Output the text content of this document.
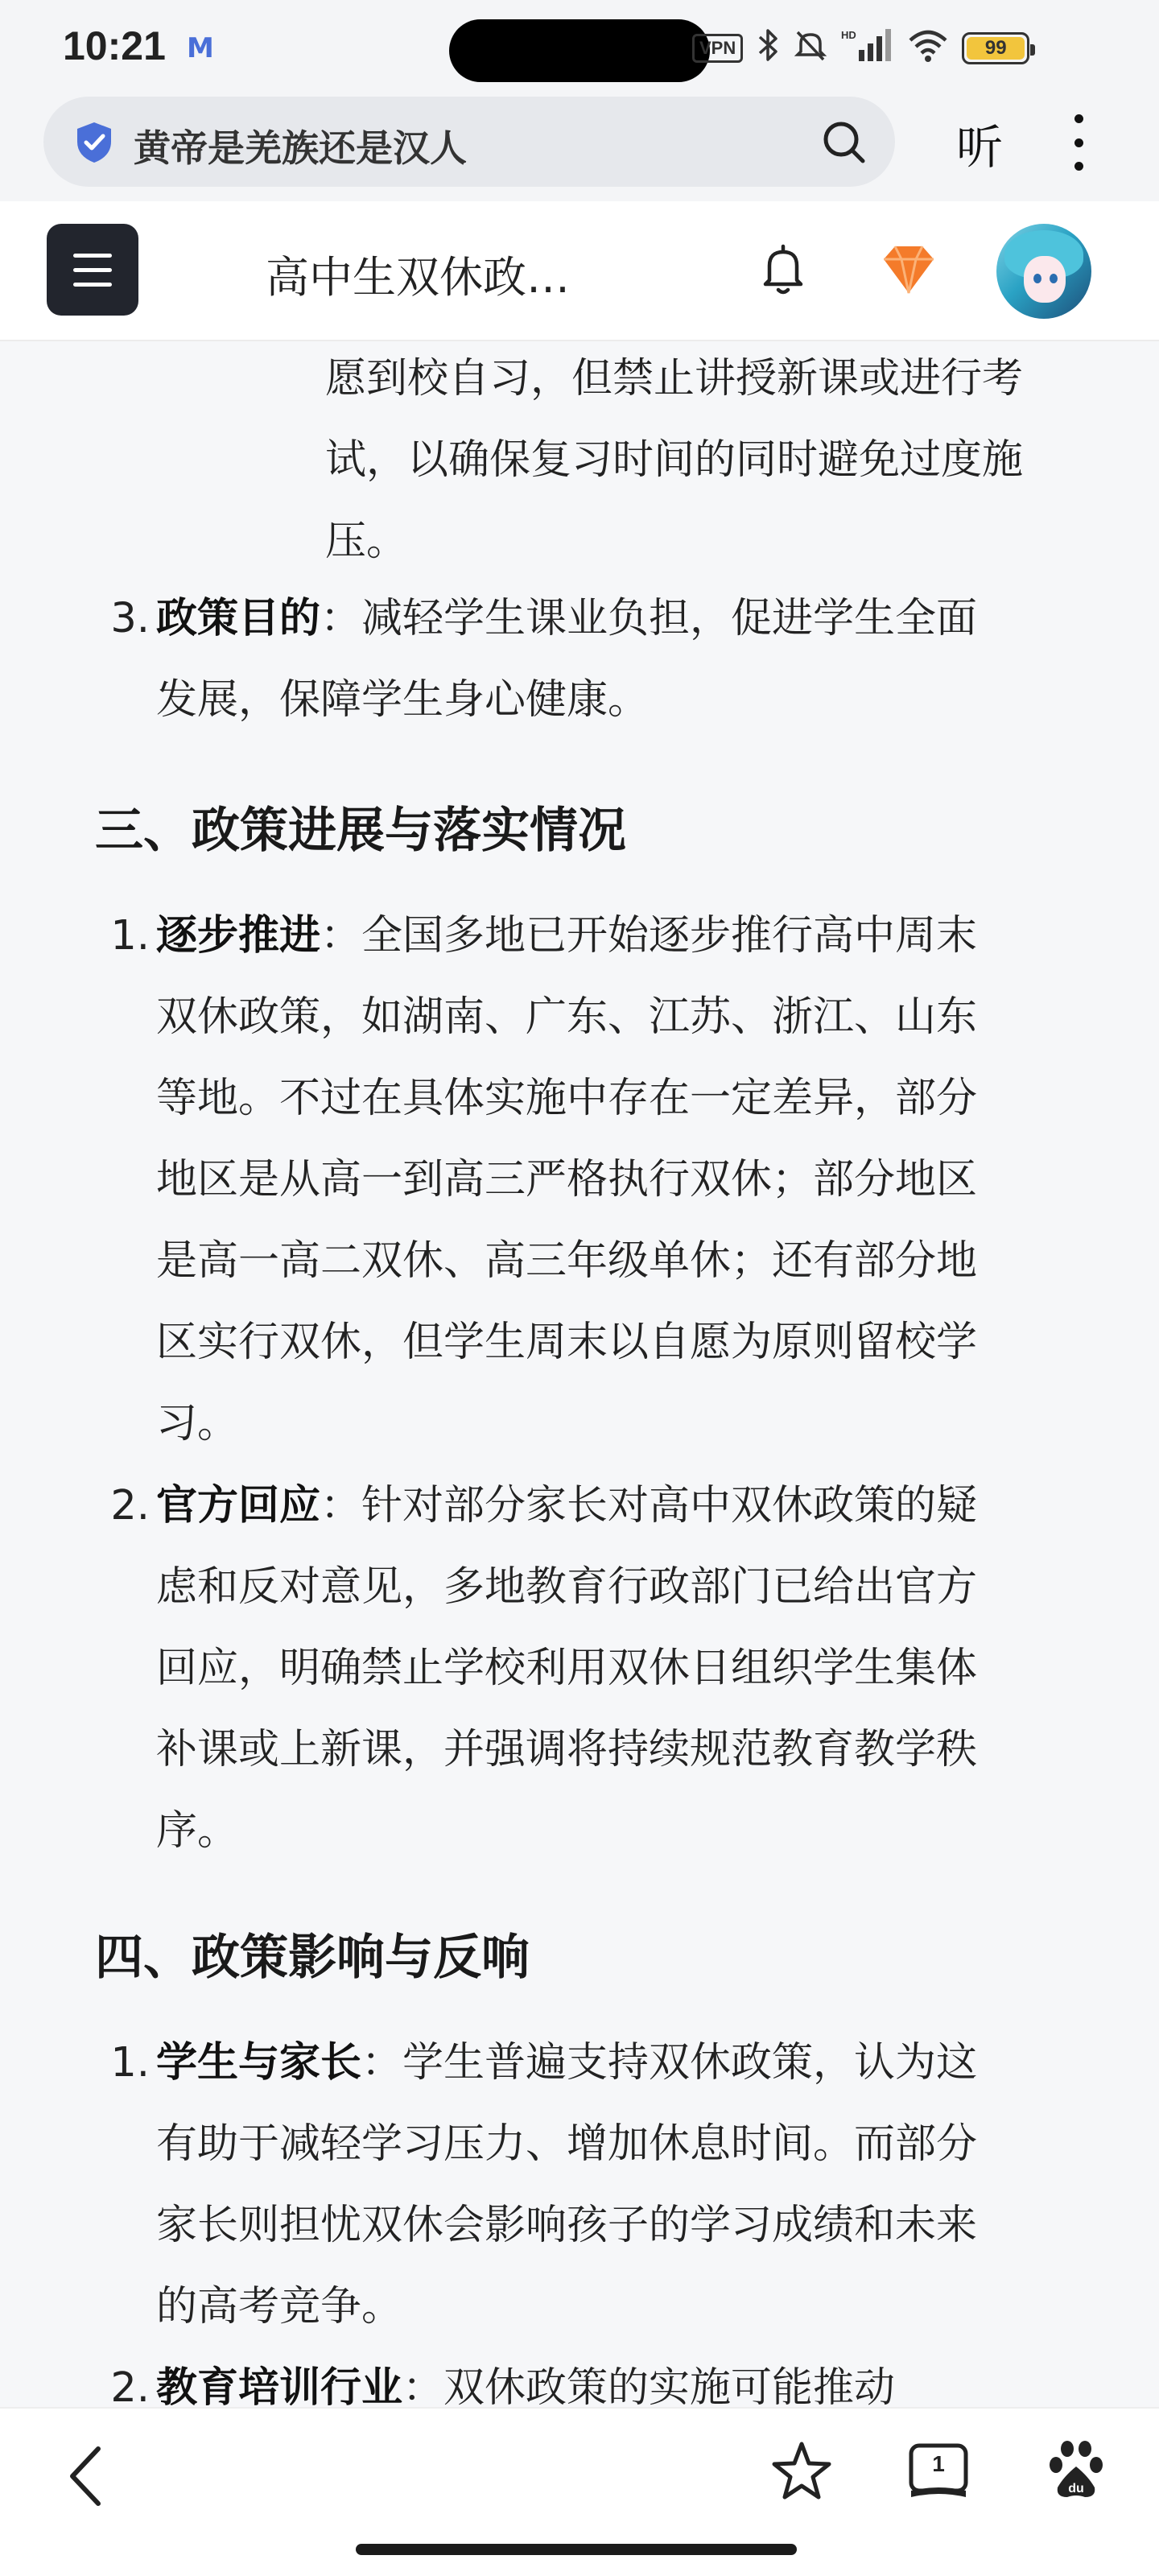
10:21 M	VPN
HD
99
黄帝是羌族还是汉人	听
高中生双休政…
愿到校自习，但禁止讲授新课或进行考试，以确保复习时间的同时避免过度施压。
3. 政策目的：减轻学生课业负担，促进学生全面发展，保障学生身心健康。
三、政策进展与落实情况
1. 逐步推进：全国多地已开始逐步推行高中周末双休政策，如湖南、广东、江苏、浙江、山东等地。不过在具体实施中存在一定差异，部分地区是从高一到高三严格执行双休；部分地区是高一高二双休、高三年级单休；还有部分地区实行双休，但学生周末以自愿为原则留校学习。
2. 官方回应：针对部分家长对高中双休政策的疑虑和反对意见，多地教育行政部门已给出官方回应，明确禁止学校利用双休日组织学生集体补课或上新课，并强调将持续规范教育教学秩序。
四、政策影响与反响
1. 学生与家长：学生普遍支持双休政策，认为这有助于减轻学习压力、增加休息时间。而部分家长则担忧双休会影响孩子的学习成绩和未来的高考竞争。
2. 教育培训行业：双休政策的实施可能推动
1
du
